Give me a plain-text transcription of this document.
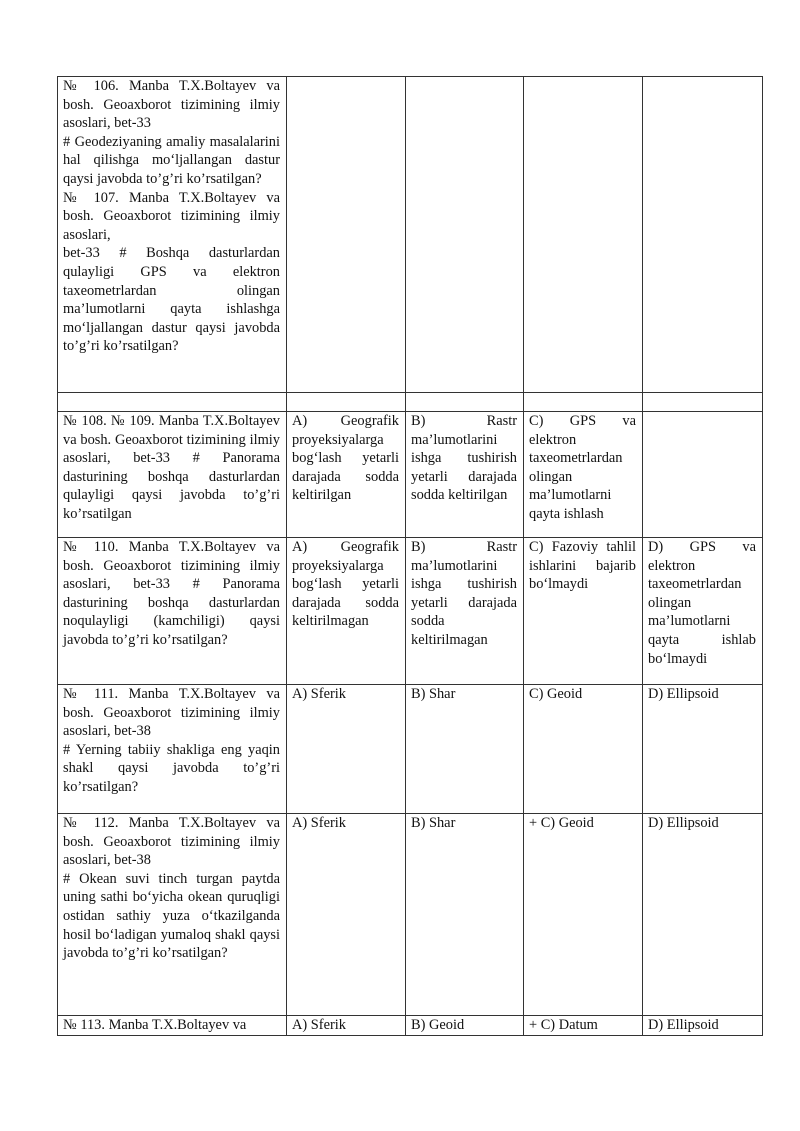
№ 106. Manba T.X.Boltayev va bosh. Geoaxborot tizimining ilmiy asoslari, bet-33
# Geodeziyaning amaliy masalalarini hal qilishga mo‘ljallangan dastur qaysi javobda to’g’ri ko’rsatilgan?
№ 107. Manba T.X.Boltayev va bosh. Geoaxborot tizimining ilmiy asoslari,
bet-33 # Boshqa dasturlardan qulayligi GPS va elektron taxeometrlardan olingan ma’lumotlarni qayta ishlashga mo‘ljallangan dastur qaysi javobda to’g’ri ko’rsatilgan?				

№ 108. № 109. Manba T.X.Boltayev va bosh. Geoaxborot tizimining ilmiy asoslari, bet-33 # Panorama dasturining boshqa dasturlardan qulayligi qaysi javobda to’g’ri ko’rsatilgan	A) Geografik proyeksiyalarga bog‘lash yetarli darajada sodda keltirilgan	B) Rastr ma’lumotlarini ishga tushirish yetarli darajada sodda keltirilgan	C) GPS va elektron taxeometrlardan olingan ma’lumotlarni qayta ishlash	

№ 110. Manba T.X.Boltayev va bosh. Geoaxborot tizimining ilmiy asoslari, bet-33 # Panorama dasturining boshqa dasturlardan noqulayligi (kamchiligi) qaysi javobda to’g’ri ko’rsatilgan?	A) Geografik proyeksiyalarga bog‘lash yetarli darajada sodda keltirilmagan	B) Rastr ma’lumotlarini ishga tushirish yetarli darajada sodda keltirilmagan	C) Fazoviy tahlil ishlarini bajarib bo‘lmaydi	D) GPS va elektron taxeometrlardan olingan ma’lumotlarni qayta ishlab bo‘lmaydi

№ 111. Manba T.X.Boltayev va bosh. Geoaxborot tizimining ilmiy asoslari, bet-38
# Yerning tabiiy shakliga eng yaqin shakl qaysi javobda to’g’ri ko’rsatilgan?	A) Sferik	B) Shar	C) Geoid	D) Ellipsoid

№ 112. Manba T.X.Boltayev va bosh. Geoaxborot tizimining ilmiy asoslari, bet-38
# Okean suvi tinch turgan paytda uning sathi bo‘yicha okean quruqligi ostidan sathiy yuza o‘tkazilganda hosil bo‘ladigan yumaloq shakl qaysi javobda to’g’ri ko’rsatilgan?	A) Sferik	B) Shar	+ C) Geoid	D) Ellipsoid

№ 113. Manba T.X.Boltayev va	A) Sferik	B) Geoid	+ C) Datum	D) Ellipsoid
